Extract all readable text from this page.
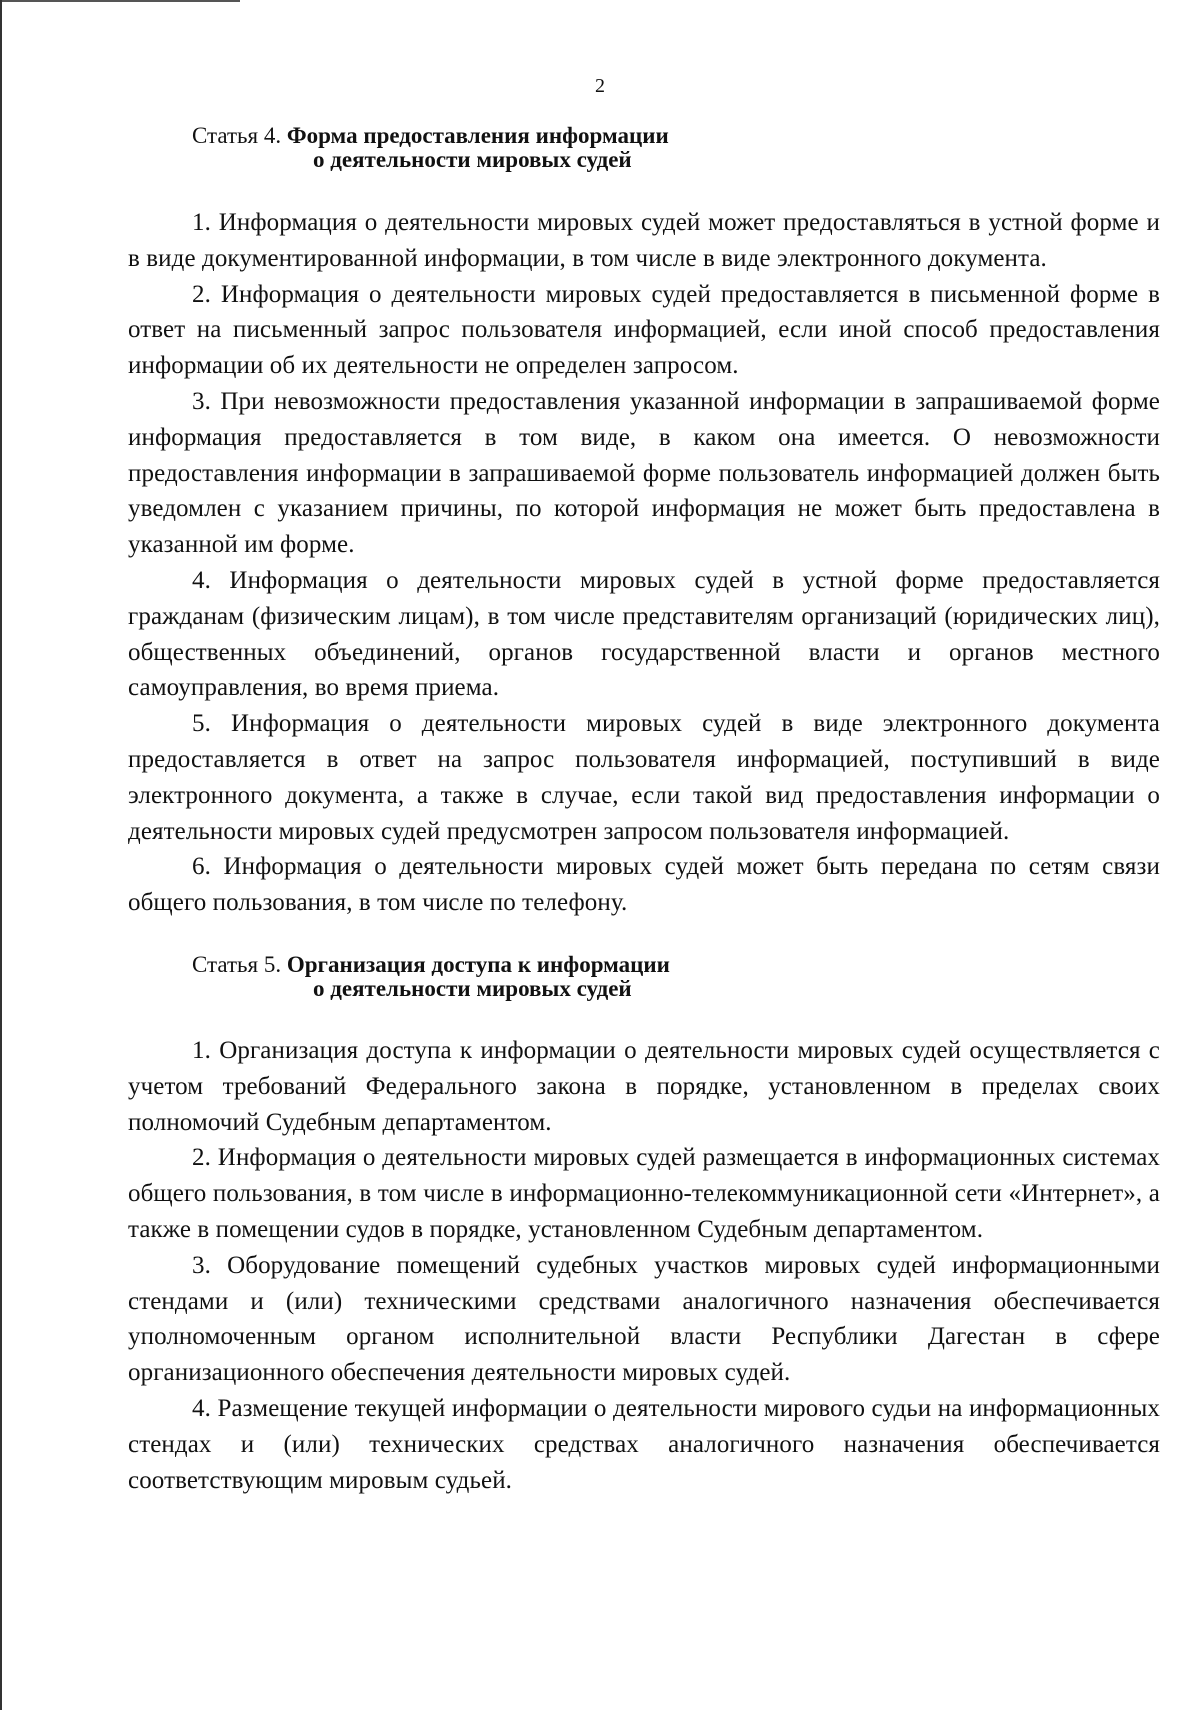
2
Статья 4. Форма предоставления информации
о деятельности мировых судей

1. Информация о деятельности мировых судей может предоставляться в устной форме и в виде документированной информации, в том числе в виде электронного документа.

2. Информация о деятельности мировых судей предоставляется в письменной форме в ответ на письменный запрос пользователя информацией, если иной способ предоставления информации об их деятельности не определен запросом.

3. При невозможности предоставления указанной информации в запрашиваемой форме информация предоставляется в том виде, в каком она имеется. О невозможности предоставления информации в запрашиваемой форме пользователь информацией должен быть уведомлен с указанием причины, по которой информация не может быть предоставлена в указанной им форме.

4. Информация о деятельности мировых судей в устной форме предоставляется гражданам (физическим лицам), в том числе представителям организаций (юридических лиц), общественных объединений, органов государственной власти и органов местного самоуправления, во время приема.

5. Информация о деятельности мировых судей в виде электронного документа предоставляется в ответ на запрос пользователя информацией, поступивший в виде электронного документа, а также в случае, если такой вид предоставления информации о деятельности мировых судей предусмотрен запросом пользователя информацией.

6. Информация о деятельности мировых судей может быть передана по сетям связи общего пользования, в том числе по телефону.

Статья 5. Организация доступа к информации
о деятельности мировых судей

1. Организация доступа к информации о деятельности мировых судей осуществляется с учетом требований Федерального закона в порядке, установленном в пределах своих полномочий Судебным департаментом.

2. Информация о деятельности мировых судей размещается в информационных системах общего пользования, в том числе в информационно-телекоммуникационной сети «Интернет», а также в помещении судов в порядке, установленном Судебным департаментом.

3. Оборудование помещений судебных участков мировых судей информационными стендами и (или) техническими средствами аналогичного назначения обеспечивается уполномоченным органом исполнительной власти Республики Дагестан в сфере организационного обеспечения деятельности мировых судей.

4. Размещение текущей информации о деятельности мирового судьи на информационных стендах и (или) технических средствах аналогичного назначения обеспечивается соответствующим мировым судьей.
